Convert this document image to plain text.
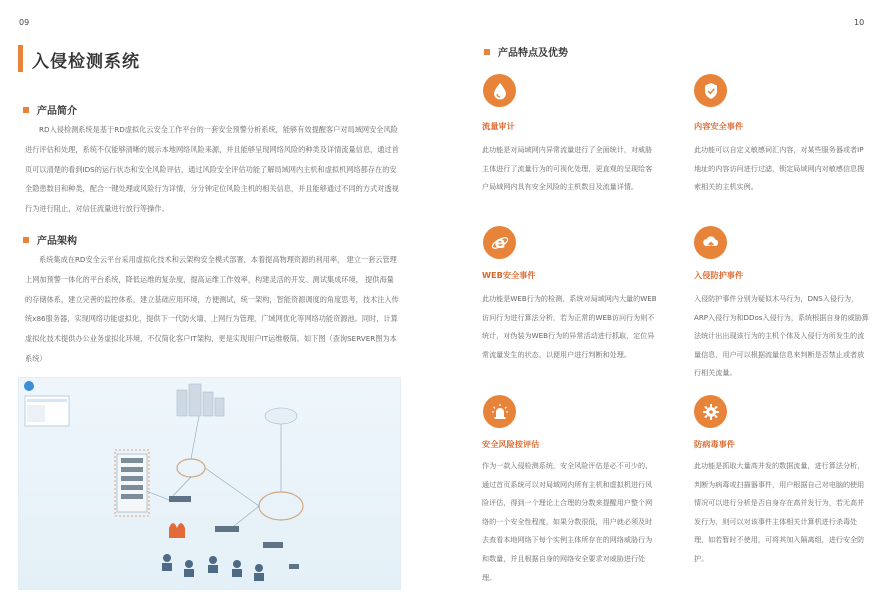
09	10
入侵检测系统
产品简介
RD入侵检测系统是基于RD虚拟化云安全工作平台的一套安全预警分析系统，能够有效提醒客户对局域网安全风险进行评估和处理，系统不仅能够清晰的展示本地网络风险来源，并且能够呈现网络风险的种类及详情流量信息，通过首页可以清楚的看到IDS的运行状态和安全风险评估，通过风险安全评估功能了解局域网内主机和虚拟机网络都存在的安全隐患数目和种类，配合一键处理或风险行为详情，分分钟定位风险主机的相关信息，并且能够通过不同的方式对透视行为进行阻止，对信任流量进行放行等操作。
产品架构
系统集成在RD安全云平台采用虚拟化技术和云架构安全模式部署，本着提高物理资源的利用率， 建立一套云管理上网加预警一体化的平台系统，降低运维的复杂度，提高运维工作效率，构建灵活的开发、测试集成环境， 提供海量的存储体系，建立完善的监控体系，建立基础应用环境，方便测试，统一架构，智能资源调度的角度思考，技术注入传统x86服务器，实现网络功能虚拟化，提供下一代防火墙、上网行为管理、广域网优化等网络功能资源池。同时，计算虚拟化技术提供办公业务虚拟化环境，不仅简化客户IT架构，更是实现用户IT运维极简。如下图（查询SERVER图为本系统）
产品特点及优势
流量审计
此功能是对局域网内异常流量进行了全面统计，对威胁主体进行了流量行为的可视化处理，更直观的呈现给客户局域网内具有安全风险的主机数目及流量详情。
内容安全事件
此功能可以自定义敏感词汇内容，对某些服务器或者IP地址的内容访问进行过滤，锁定局域网内对敏感信息搜索相关的主机实例。
e
WEB安全事件
此功能是WEB行为的检测，系统对局域网内大量的WEB访问行为进行算法分析，若为正常的WEB访问行为则不统计，对伪装为WEB行为的异常活动进行抓取，定位异常流量发生的状态，以便用户进行判断和处理。
入侵防护事件
入侵防护事件分别为疑似木马行为，DNS入侵行为，ARP入侵行为和DDos入侵行为，系统根据自身的威胁算法统计出出现该行为的主机个体及入侵行为所发生的流量信息，用户可以根据流量信息来判断是否禁止或者放行相关流量。
安全风险按评估
作为一款入侵检测系统，安全风险评估是必不可少的，通过首页系统可以对局域网内所有主机和虚拟机进行风险评估，得到一个理论上合理的分数来提醒用户整个网络的一个安全性程度，如果分数很低，用户就必须及时去查看本地网络下每个实例主体所存在的网络威胁行为和数量，并且根据自身的网络安全要求对威胁进行处理。
防病毒事件
此功能是抓取大量高并发的数据流量，进行算法分析，判断为病毒或扫描器事件，用户根据自己对电脑的使用情况可以进行分析是否自身存在高并发行为，若无高并发行为，则可以对该事件主体相关计算机进行杀毒处理，如若暂时不使用，可将其加入隔离组，进行安全防护。
